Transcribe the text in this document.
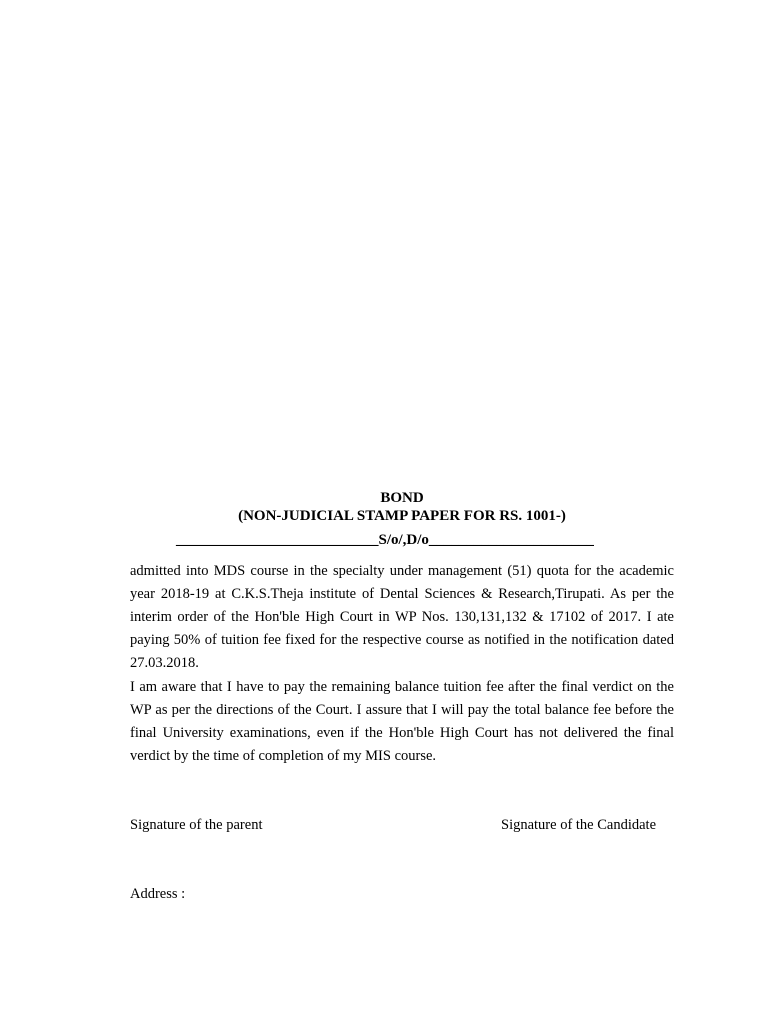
BOND
(NON-JUDICIAL STAMP PAPER FOR RS. 1001-)
___________________________S/o/,D/o______________________

admitted into MDS course in the specialty under management (51) quota for the academic year 2018-19 at C.K.S.Theja institute of Dental Sciences & Research,Tirupati. As per the interim order of the Hon'ble High Court in WP Nos. 130,131,132 & 17102 of 2017. I ate paying 50% of tuition fee fixed for the respective course as notified in the notification dated 27.03.2018.

I am aware that I have to pay the remaining balance tuition fee after the final verdict on the WP as per the directions of the Court. I assure that I will pay the total balance fee before the final University examinations, even if the Hon'ble High Court has not delivered the final verdict by the time of completion of my MIS course.

Signature of the parent	Signature of the Candidate
Address :
